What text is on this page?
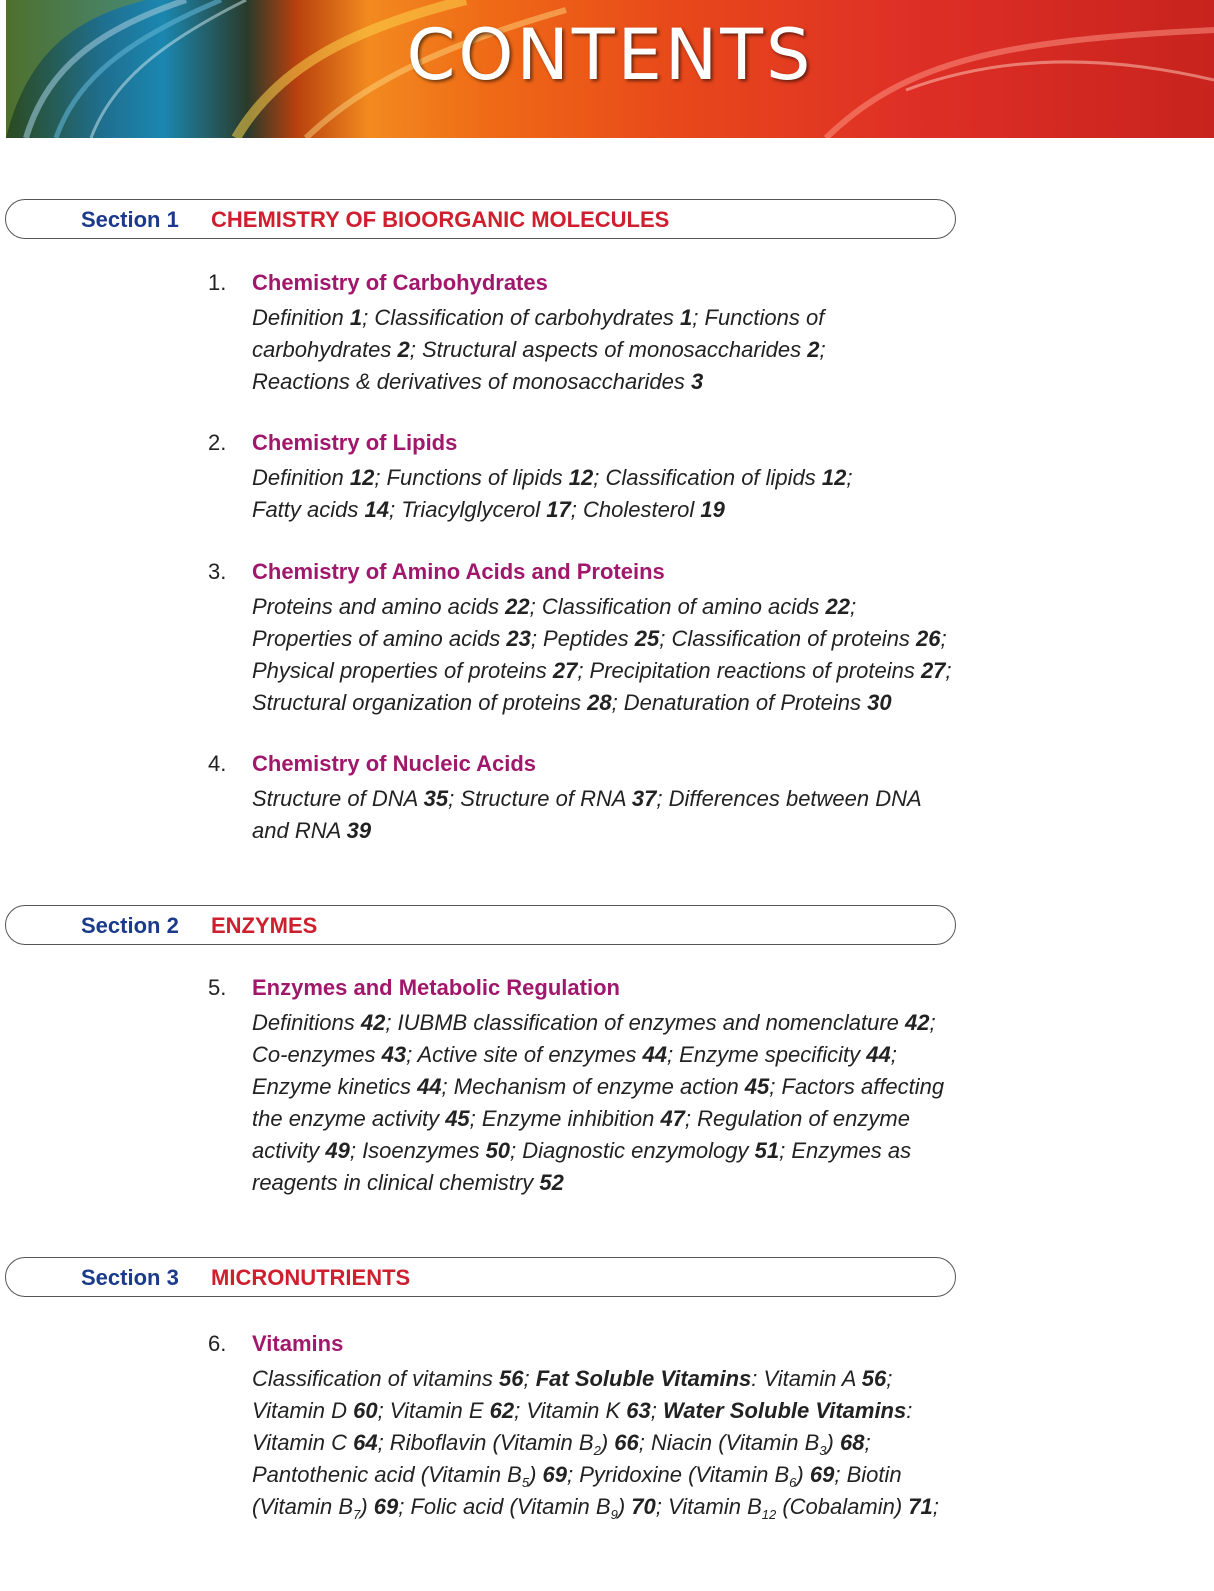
CONTENTS
Section 1 CHEMISTRY OF BIOORGANIC MOLECULES
1. Chemistry of Carbohydrates
Definition 1; Classification of carbohydrates 1; Functions of
carbohydrates 2; Structural aspects of monosaccharides 2;
Reactions & derivatives of monosaccharides 3
2. Chemistry of Lipids
Definition 12; Functions of lipids 12; Classification of lipids 12;
Fatty acids 14; Triacylglycerol 17; Cholesterol 19
3. Chemistry of Amino Acids and Proteins
Proteins and amino acids 22; Classification of amino acids 22;
Properties of amino acids 23; Peptides 25; Classification of proteins 26;
Physical properties of proteins 27; Precipitation reactions of proteins 27;
Structural organization of proteins 28; Denaturation of Proteins 30
4. Chemistry of Nucleic Acids
Structure of DNA 35; Structure of RNA 37; Differences between DNA
and RNA 39
Section 2 ENZYMES
5. Enzymes and Metabolic Regulation
Definitions 42; IUBMB classification of enzymes and nomenclature 42;
Co-enzymes 43; Active site of enzymes 44; Enzyme specificity 44;
Enzyme kinetics 44; Mechanism of enzyme action 45; Factors affecting
the enzyme activity 45; Enzyme inhibition 47; Regulation of enzyme
activity 49; Isoenzymes 50; Diagnostic enzymology 51; Enzymes as
reagents in clinical chemistry 52
Section 3 MICRONUTRIENTS
6. Vitamins
Classification of vitamins 56; Fat Soluble Vitamins: Vitamin A 56;
Vitamin D 60; Vitamin E 62; Vitamin K 63; Water Soluble Vitamins:
Vitamin C 64; Riboflavin (Vitamin $B_2$) 66; Niacin (Vitamin $B_3$) 68;
Pantothenic acid (Vitamin $B_5$) 69; Pyridoxine (Vitamin $B_6$) 69; Biotin
(Vitamin $B_7$) 69; Folic acid (Vitamin $B_9$) 70; Vitamin $B_{12}$ (Cobalamin) 71;
